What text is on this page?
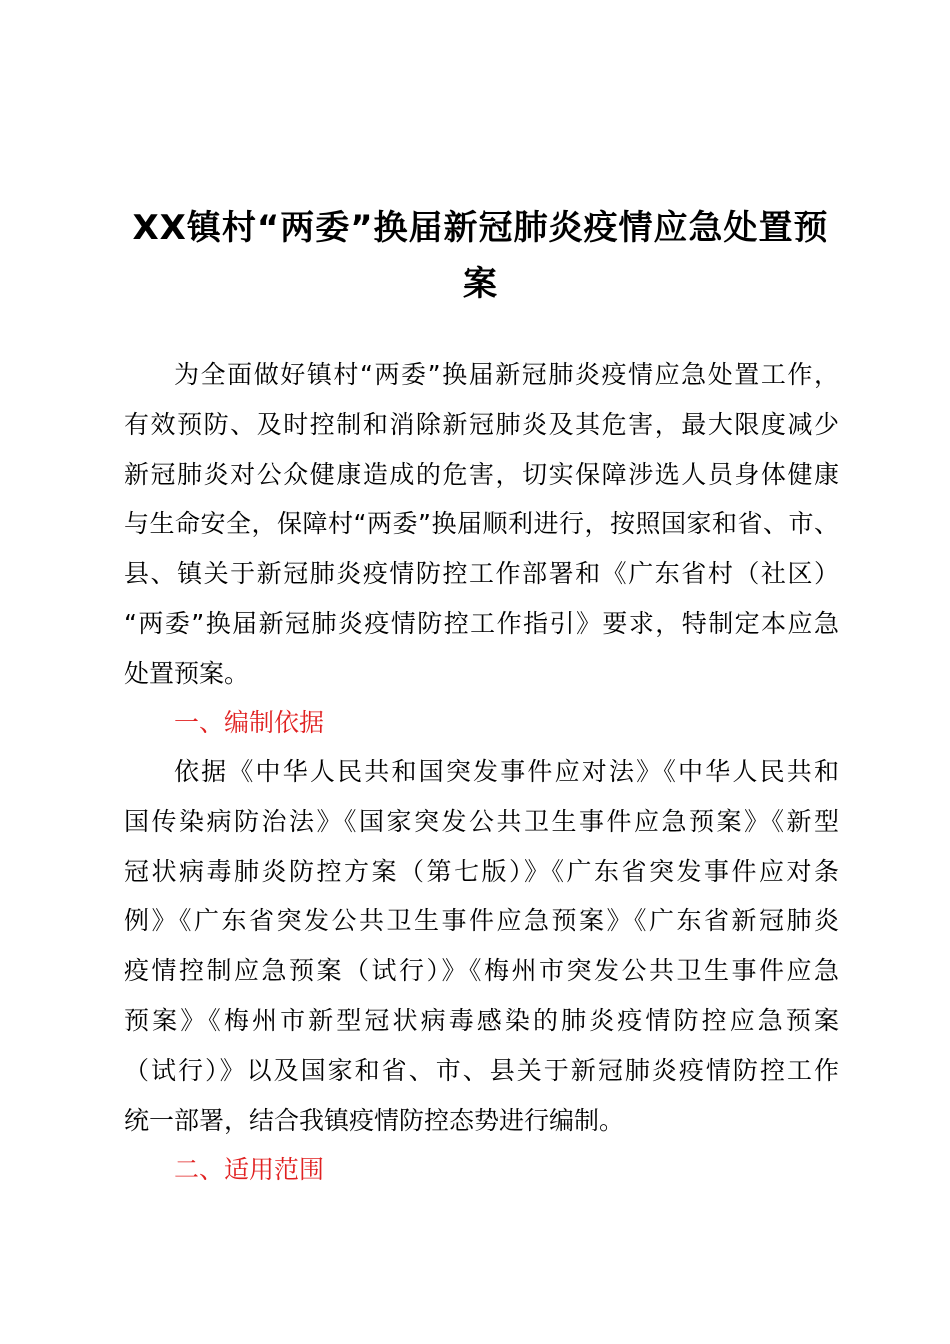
XX镇村“两委”换届新冠肺炎疫情应急处置预
案
为全面做好镇村“两委”换届新冠肺炎疫情应急处置工作，
有效预防、及时控制和消除新冠肺炎及其危害，最大限度减少
新冠肺炎对公众健康造成的危害，切实保障涉选人员身体健康
与生命安全，保障村“两委”换届顺利进行，按照国家和省、市、
县、镇关于新冠肺炎疫情防控工作部署和《广东省村（社区）
“两委”换届新冠肺炎疫情防控工作指引》要求，特制定本应急
处置预案。
一、编制依据
依据《中华人民共和国突发事件应对法》《中华人民共和
国传染病防治法》《国家突发公共卫生事件应急预案》《新型
冠状病毒肺炎防控方案（第七版）》《广东省突发事件应对条
例》《广东省突发公共卫生事件应急预案》《广东省新冠肺炎
疫情控制应急预案（试行）》《梅州市突发公共卫生事件应急
预案》《梅州市新型冠状病毒感染的肺炎疫情防控应急预案
（试行）》以及国家和省、市、县关于新冠肺炎疫情防控工作
统一部署，结合我镇疫情防控态势进行编制。
二、适用范围
